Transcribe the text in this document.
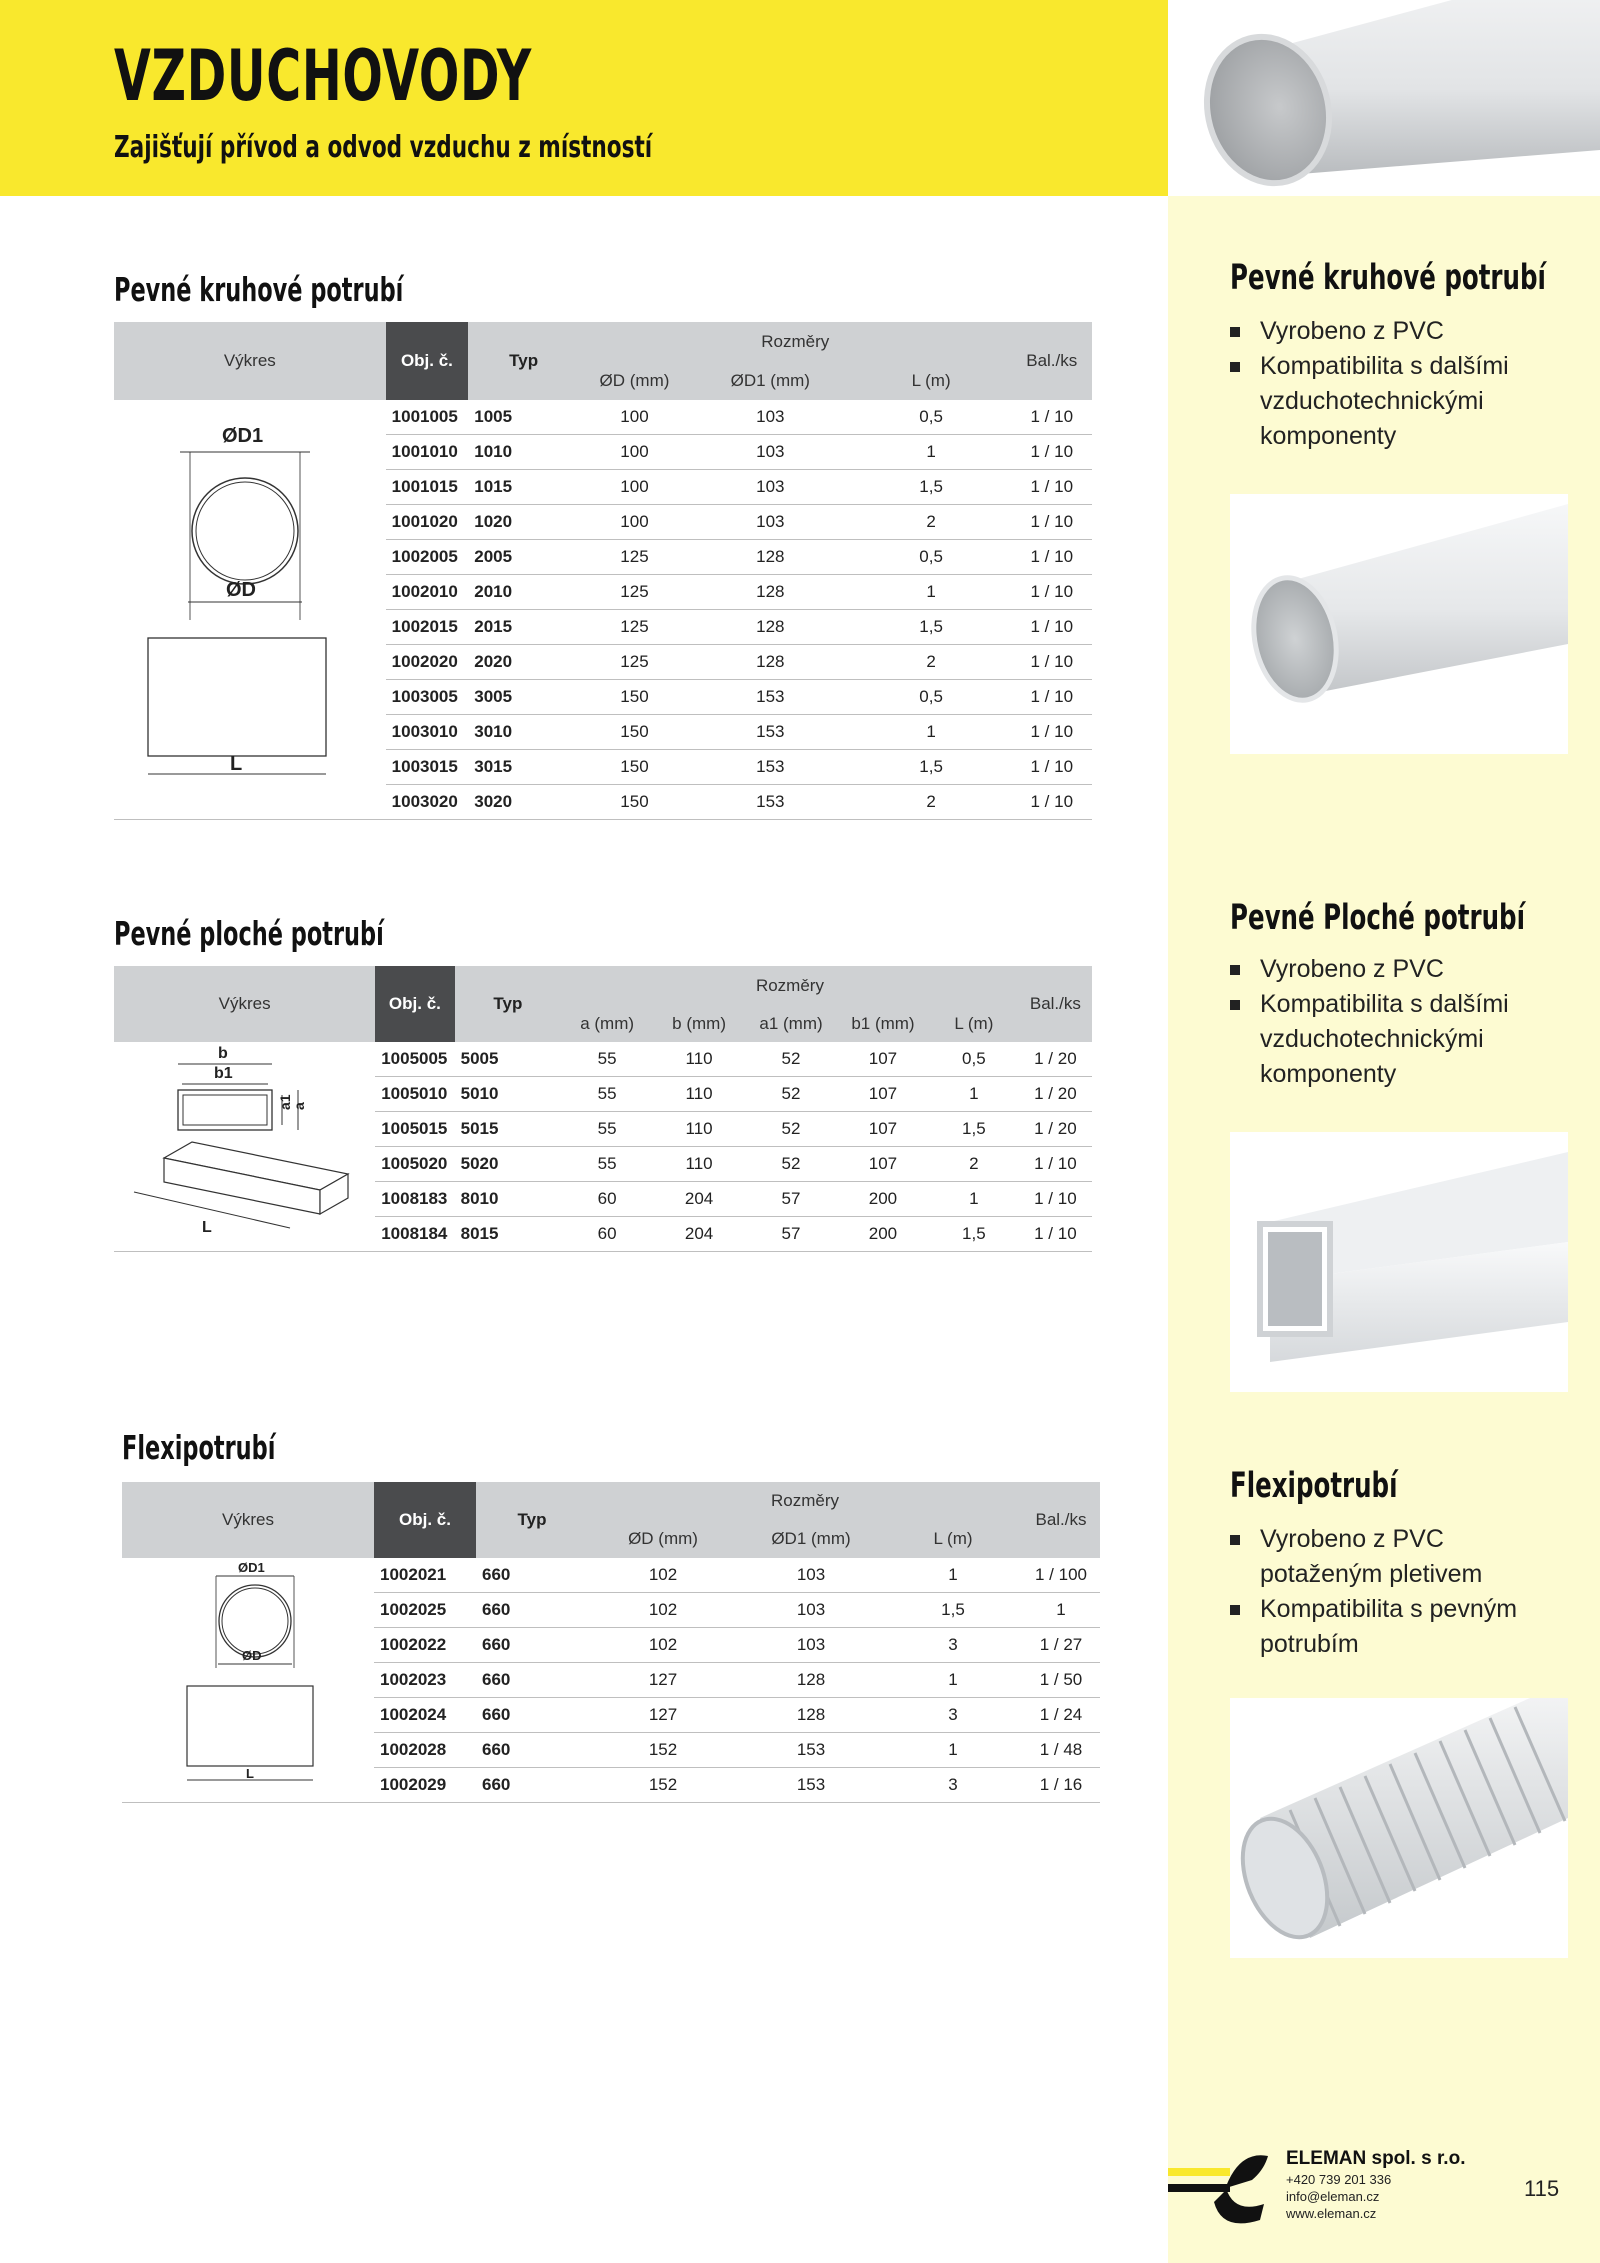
VZDUCHOVODY

Zajišťují přívod a odvod vzduchu z místností

Pevné kruhové potrubí
Vyrobeno z PVC
Kompatibilita s dalšími vzduchotechnickými komponenty
Pevné Ploché potrubí
Vyrobeno z PVC
Kompatibilita s dalšími vzduchotechnickými komponenty
Flexipotrubí
Vyrobeno z PVC potaženým pletivem
Kompatibilita s pevným potrubím
Pevné kruhové potrubí
Výkres	Obj. č.	Typ	Rozměry			Bal./ks
			ØD (mm)	ØD1 (mm)	L (m)	
	1001005	1005	100	103	0,5	1 / 10
	1001010	1010	100	103	1	1 / 10
	1001015	1015	100	103	1,5	1 / 10
	1001020	1020	100	103	2	1 / 10
	1002005	2005	125	128	0,5	1 / 10
	1002010	2010	125	128	1	1 / 10
	1002015	2015	125	128	1,5	1 / 10
	1002020	2020	125	128	2	1 / 10
	1003005	3005	150	153	0,5	1 / 10
	1003010	3010	150	153	1	1 / 10
	1003015	3015	150	153	1,5	1 / 10
	1003020	3020	150	153	2	1 / 10
ØD1
ØD
L
Pevné ploché potrubí
Výkres	Obj. č.	Typ	Rozměry					Bal./ks
			a (mm)	b (mm)	a1 (mm)	b1 (mm)	L (m)	
	1005005	5005	55	110	52	107	0,5	1 / 20
	1005010	5010	55	110	52	107	1	1 / 20
	1005015	5015	55	110	52	107	1,5	1 / 20
	1005020	5020	55	110	52	107	2	1 / 10
	1008183	8010	60	204	57	200	1	1 / 10
	1008184	8015	60	204	57	200	1,5	1 / 10
b
b1
a1
a
L
Flexipotrubí
Výkres	Obj. č.	Typ	Rozměry			Bal./ks
			ØD (mm)	ØD1 (mm)	L (m)	
	1002021	660	102	103	1	1 / 100
	1002025	660	102	103	1,5	1
	1002022	660	102	103	3	1 / 27
	1002023	660	127	128	1	1 / 50
	1002024	660	127	128	3	1 / 24
	1002028	660	152	153	1	1 / 48
	1002029	660	152	153	3	1 / 16
ØD1
ØD
L
ELEMAN spol. s r.o.
+420 739 201 336
info@eleman.cz
www.eleman.cz
115
